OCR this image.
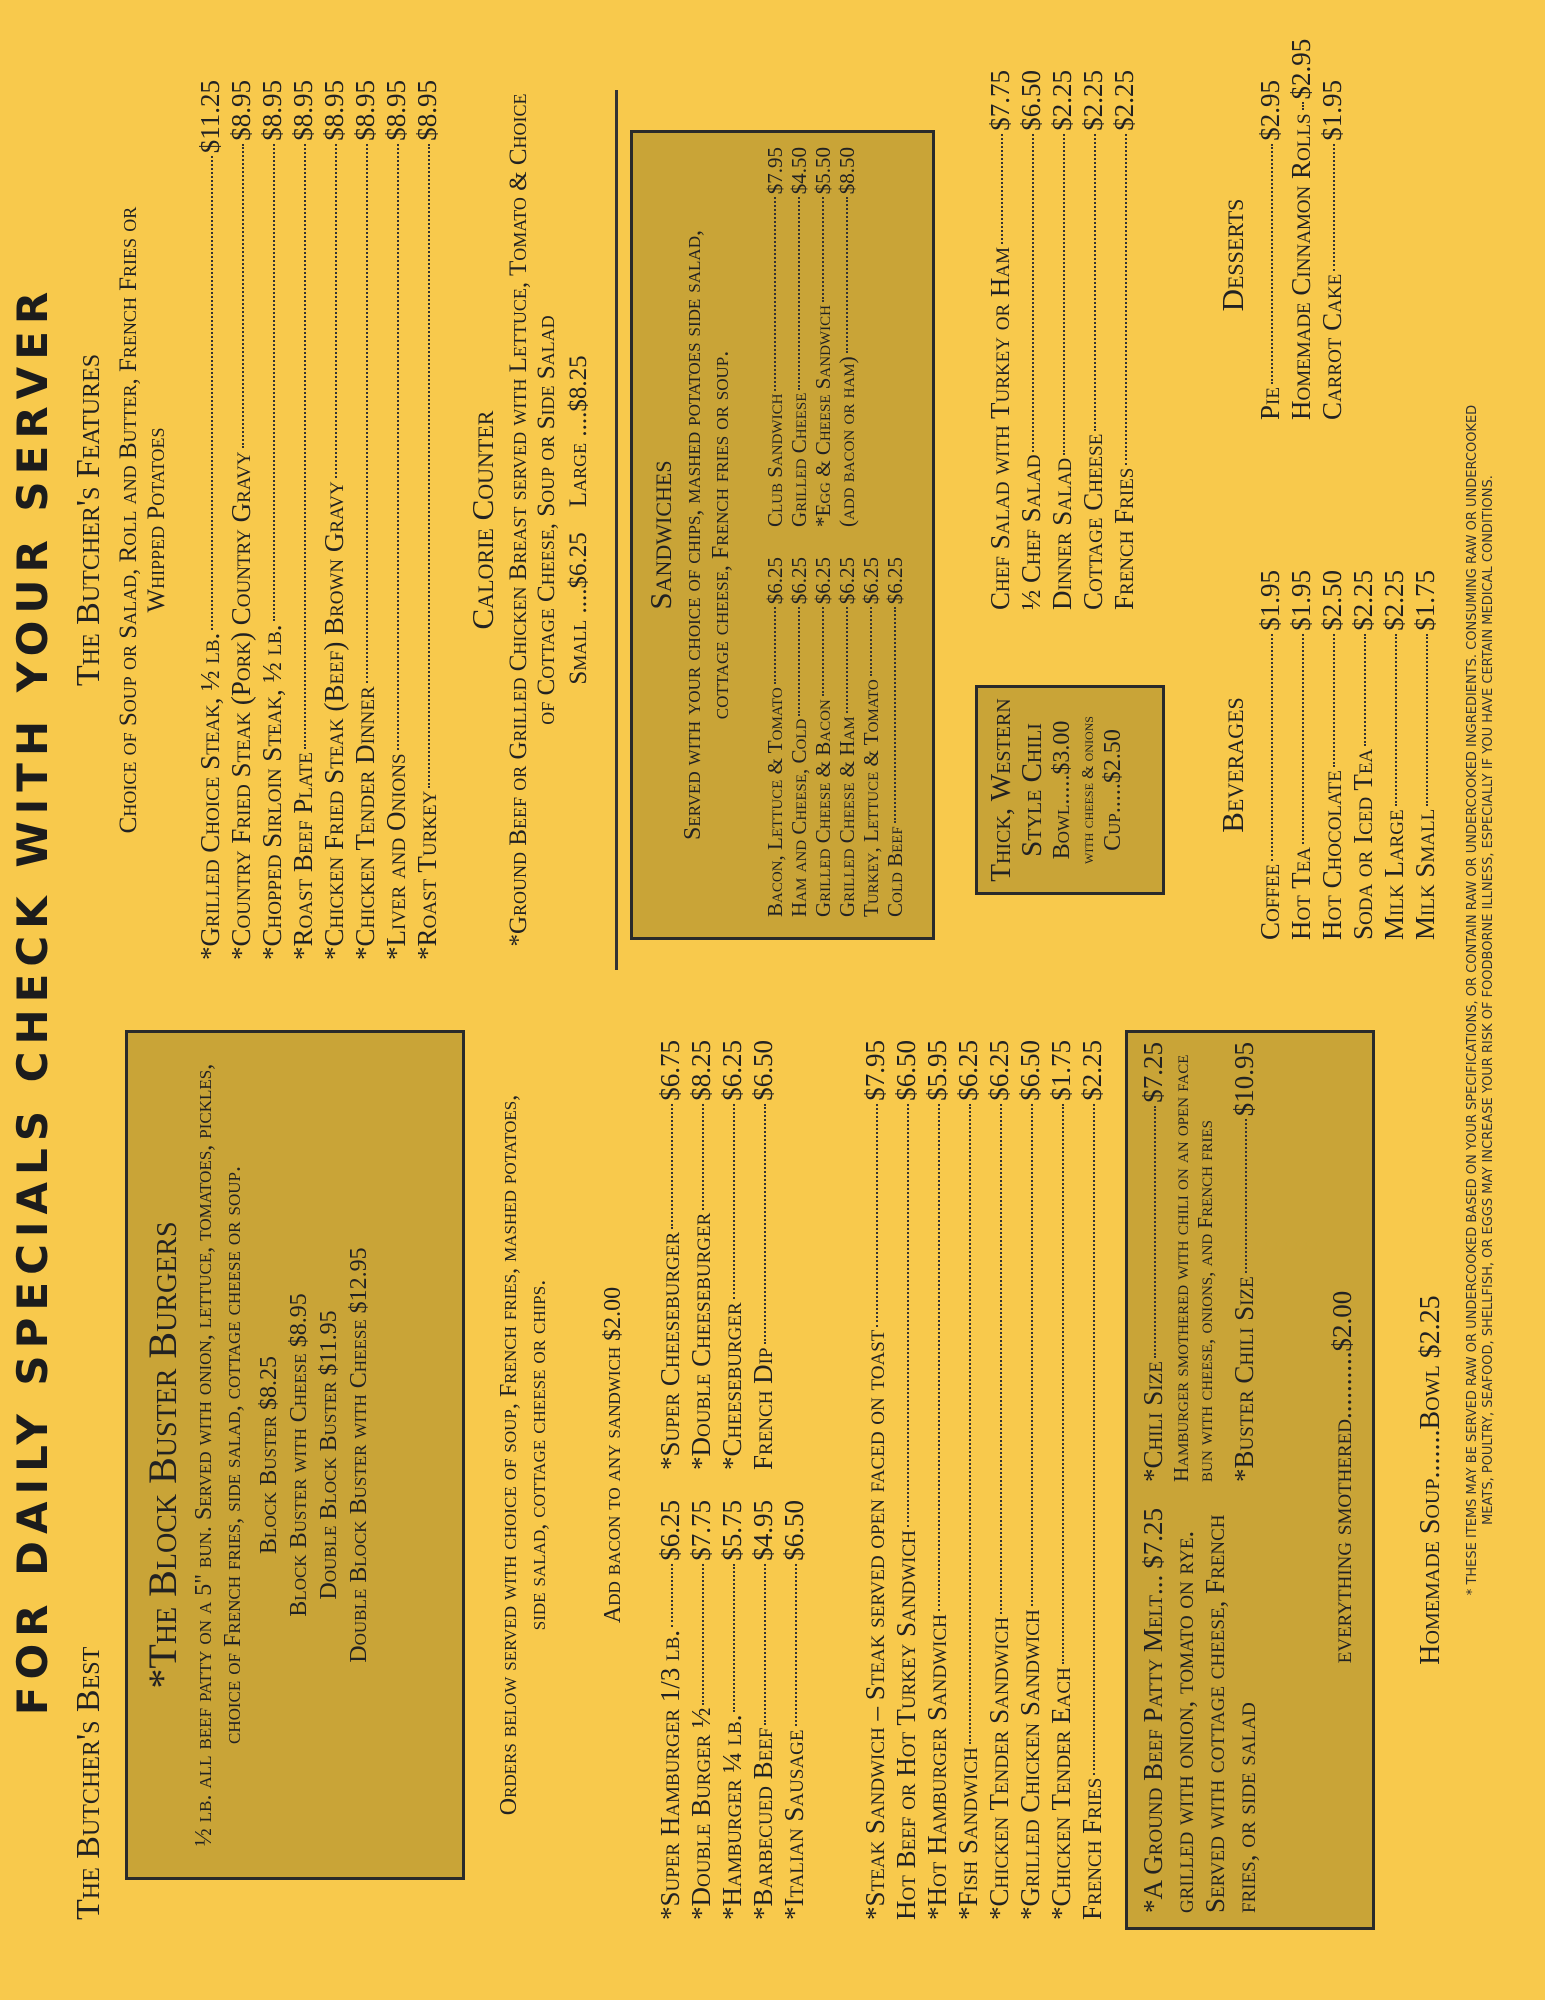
FOR DAILY SPECIALS CHECK WITH YOUR SERVER
The Butcher's Best
*The Block Buster Burgers ½ lb. all beef patty on a 5" bun. Served with onion, lettuce, tomatoes, pickles, choice of French fries, side salad, cottage cheese or soup. Block Buster $8.25 Block Buster with Cheese $8.95 Double Block Buster $11.95 Double Block Buster with Cheese $12.95	Orders below served with choice of soup, French fries, mashed potatoes, side salad, cottage cheese or chips. Add bacon to any sandwich $2.00
*Super Hamburger 1/3 lb.
$6.25
*Double Burger ½
$7.75
*Hamburger ¼ lb.
$5.75
*Barbecued Beef
$4.95
*Italian Sausage
$6.50
*Super Cheeseburger
$6.75
*Double Cheeseburger
$8.25
*Cheeseburger
$6.25
French Dip
$6.50
*Steak Sandwich – Steak served open faced on toast
$7.95
Hot Beef or Hot Turkey Sandwich
$6.50
*Hot Hamburger Sandwich
$5.95
*Fish Sandwich
$6.25
*Chicken Tender Sandwich
$6.25
*Grilled Chicken Sandwich
$6.50
*Chicken Tender Each
$1.75
French Fries
$2.25
*A Ground Beef Patty Melt...
$7.25 grilled with onion, tomato on rye. Served with cottage cheese, French fries, or side salad
*Chili Size
$7.25 Hamburger smothered with chili on an open face bun with cheese, onions, and French fries *Buster Chili Size
$10.95
everything smothered..........$2.00 Homemade Soup.......Bowl $2.25
The Butcher's Features Choice of Soup or Salad, Roll and Butter, French Fries or Whipped Potatoes
*Grilled Choice Steak, ½ lb.
$11.25
*Country Fried Steak (Pork) Country Gravy
$8.95
*Chopped Sirloin Steak, ½ lb.
$8.95
*Roast Beef Plate
$8.95
*Chicken Fried Steak (Beef) Brown Gravy
$8.95
*Chicken Tender Dinner
$8.95
*Liver and Onions
$8.95
*Roast Turkey
$8.95
Calorie Counter *Ground Beef or Grilled Chicken Breast served with Lettuce, Tomato & Choice of Cottage Cheese, Soup or Side Salad Small ....$6.25    Large ....$8.25 Sandwiches Served with your choice of chips, mashed potatoes side salad, cottage cheese, French fries or soup.
Bacon, Lettuce & Tomato
$6.25
Ham and Cheese, Cold
$6.25
Grilled Cheese & Bacon
$6.25
Grilled Cheese & Ham
$6.25
Turkey, Lettuce & Tomato
$6.25
Cold Beef
$6.25
Club Sandwich
$7.95
Grilled Cheese
$4.50
*Egg & Cheese Sandwich
$5.50
(add bacon or ham)
$8.50
Thick, Western Style Chili Bowl.....$3.00 with cheese & onions Cup.....$2.50
Chef Salad with Turkey or Ham
$7.75
½ Chef Salad
$6.50
Dinner Salad
$2.25
Cottage Cheese
$2.25
French Fries
$2.25
Beverages
Coffee
$1.95
Hot Tea
$1.95
Hot Chocolate
$2.50
Soda or Iced Tea
$2.25
Milk Large
$2.25
Milk Small
$1.75
Desserts
Pie
$2.95
Homemade Cinnamon Rolls
$2.95
Carrot Cake
$1.95
* THESE ITEMS MAY BE SERVED RAW OR UNDERCOOKED BASED ON YOUR SPECIFICATIONS, OR CONTAIN RAW OR UNDERCOOKED INGREDIENTS. CONSUMING RAW OR UNDERCOOKED MEATS, POULTRY, SEAFOOD, SHELLFISH, OR EGGS MAY INCREASE YOUR RISK OF FOODBORNE ILLNESS, ESPECIALLY IF YOU HAVE CERTAIN MEDICAL CONDITIONS.
